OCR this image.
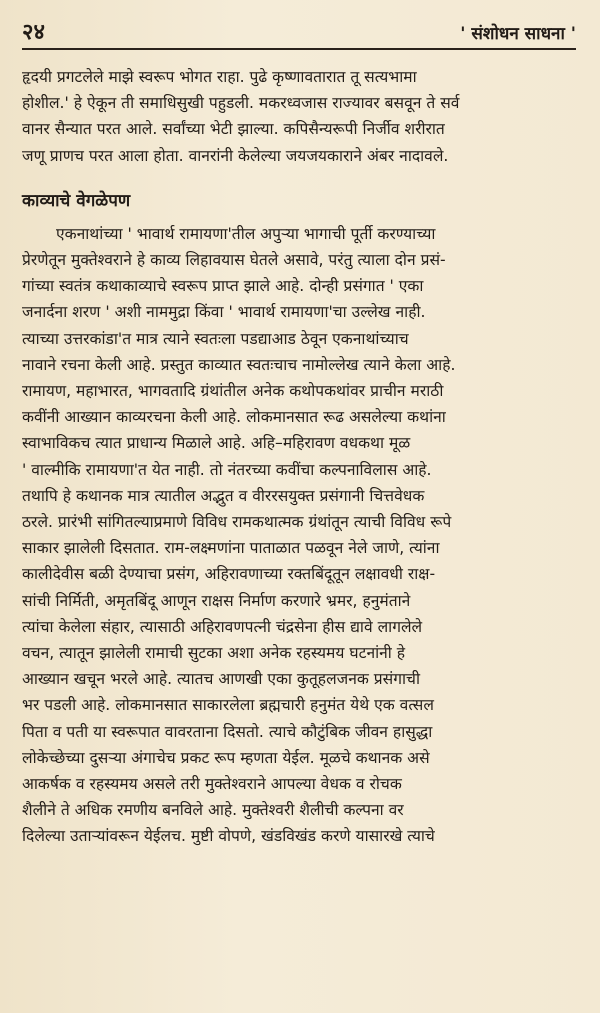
२४	' संशोधन साधना '

हृदयी प्रगटलेले माझे स्वरूप भोगत राहा. पुढे कृष्णावतारात तू सत्यभामा
होशील.' हे ऐकून ती समाधिसुखी पहुडली. मकरध्वजास राज्यावर बसवून ते सर्व
वानर सैन्यात परत आले. सर्वांच्या भेटी झाल्या. कपिसैन्यरूपी निर्जीव शरीरात
जणू प्राणच परत आला होता. वानरांनी केलेल्या जयजयकाराने अंबर नादावले.

काव्याचे वेगळेपण

एकनाथांच्या ' भावार्थ रामायणा'तील अपुऱ्या भागाची पूर्ती करण्याच्या
प्रेरणेतून मुक्तेश्वराने हे काव्य लिहावयास घेतले असावे, परंतु त्याला दोन प्रसं-
गांच्या स्वतंत्र कथाकाव्याचे स्वरूप प्राप्त झाले आहे. दोन्ही प्रसंगात ' एका
जनार्दना शरण ' अशी नाममुद्रा किंवा ' भावार्थ रामायणा'चा उल्लेख नाही.
त्याच्या उत्तरकांडा'त मात्र त्याने स्वतःला पडद्याआड ठेवून एकनाथांच्याच
नावाने रचना केली आहे. प्रस्तुत काव्यात स्वतःचाच नामोल्लेख त्याने केला आहे.
रामायण, महाभारत, भागवतादि ग्रंथांतील अनेक कथोपकथांवर प्राचीन मराठी
कवींनी आख्यान काव्यरचना केली आहे. लोकमानसात रूढ असलेल्या कथांना
स्वाभाविकच त्यात प्राधान्य मिळाले आहे. अहि–महिरावण वधकथा मूळ
' वाल्मीकि रामायणा'त येत नाही. तो नंतरच्या कवींचा कल्पनाविलास आहे.
तथापि हे कथानक मात्र त्यातील अद्भुत व वीररसयुक्त प्रसंगानी चित्तवेधक
ठरले. प्रारंभी सांगितल्याप्रमाणे विविध रामकथात्मक ग्रंथांतून त्याची विविध रूपे
साकार झालेली दिसतात. राम-लक्ष्मणांना पाताळात पळवून नेले जाणे, त्यांना
कालीदेवीस बळी देण्याचा प्रसंग, अहिरावणाच्या रक्तबिंदूतून लक्षावधी राक्ष-
सांची निर्मिती, अमृतबिंदू आणून राक्षस निर्माण करणारे भ्रमर, हनुमंताने
त्यांचा केलेला संहार, त्यासाठी अहिरावणपत्नी चंद्रसेना हीस द्यावे लागलेले
वचन, त्यातून झालेली रामाची सुटका अशा अनेक रहस्यमय घटनांनी हे
आख्यान खचून भरले आहे. त्यातच आणखी एका कुतूहलजनक प्रसंगाची
भर पडली आहे. लोकमानसात साकारलेला ब्रह्मचारी हनुमंत येथे एक वत्सल
पिता व पती या स्वरूपात वावरताना दिसतो. त्याचे कौटुंबिक जीवन हासुद्धा
लोकेच्छेच्या दुसऱ्या अंगाचेच प्रकट रूप म्हणता येईल. मूळचे कथानक असे
आकर्षक व रहस्यमय असले तरी मुक्तेश्वराने आपल्या वेधक व रोचक
शैलीने ते अधिक रमणीय बनविले आहे. मुक्तेश्वरी शैलीची कल्पना वर
दिलेल्या उताऱ्यांवरून येईलच. मुष्टी वोपणे, खंडविखंड करणे यासारखे त्याचे
